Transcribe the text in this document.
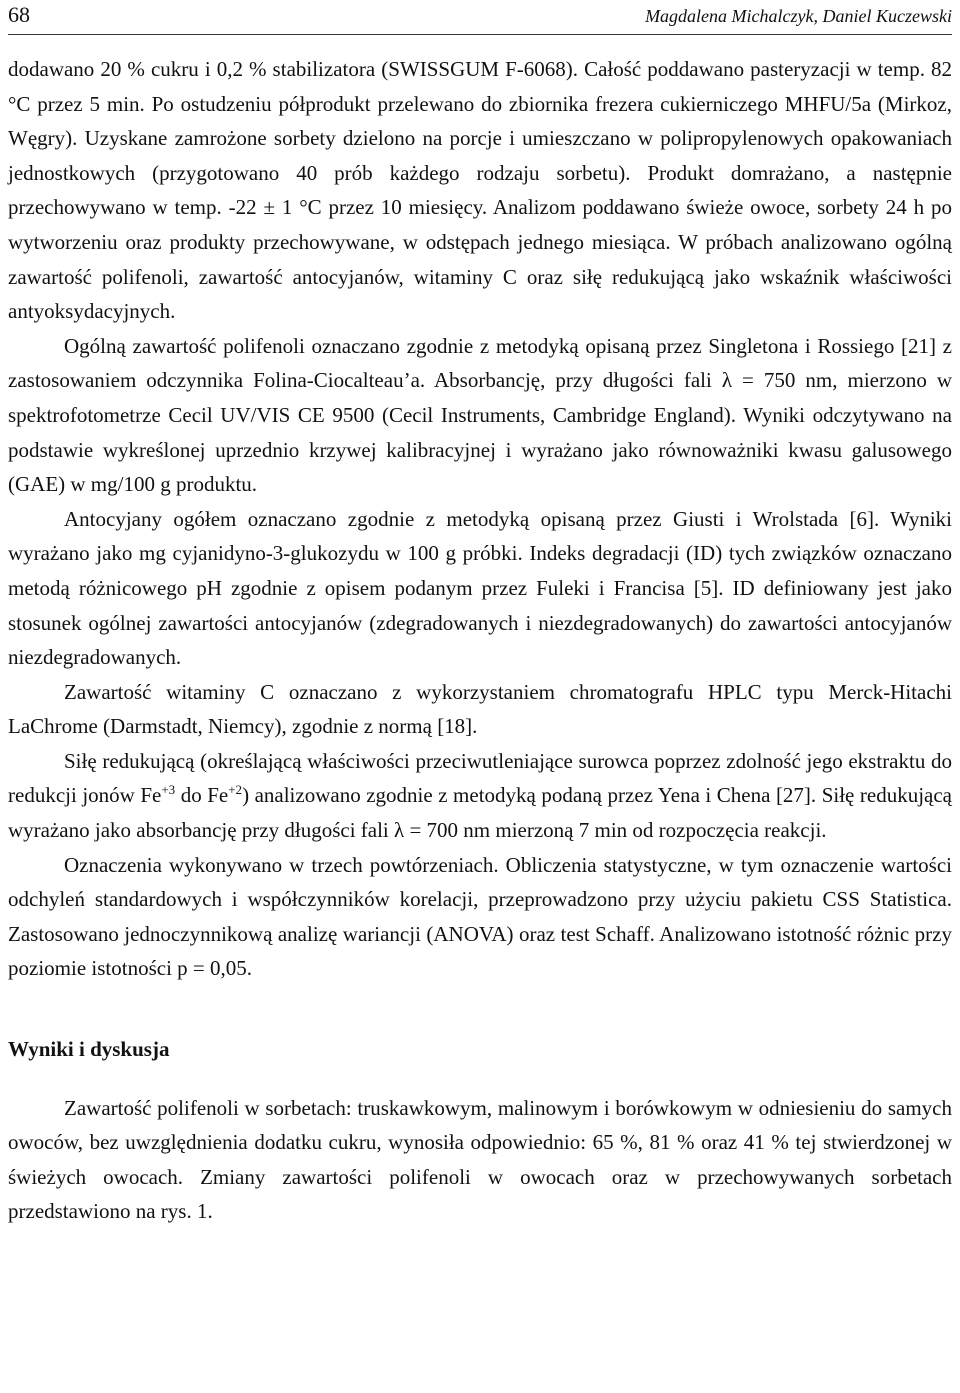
68	Magdalena Michalczyk, Daniel Kuczewski

dodawano 20 % cukru i 0,2 % stabilizatora (SWISSGUM F-6068). Całość poddawano pasteryzacji w temp. 82 °C przez 5 min. Po ostudzeniu półprodukt przelewano do zbiornika frezera cukierniczego MHFU/5a (Mirkoz, Węgry). Uzyskane zamrożone sorbety dzielono na porcje i umieszczano w polipropylenowych opakowaniach jednostkowych (przygotowano 40 prób każdego rodzaju sorbetu). Produkt domrażano, a następnie przechowywano w temp. -22 ± 1 °C przez 10 miesięcy. Analizom poddawano świeże owoce, sorbety 24 h po wytworzeniu oraz produkty przechowywane, w odstępach jednego miesiąca. W próbach analizowano ogólną zawartość polifenoli, zawartość antocyjanów, witaminy C oraz siłę redukującą jako wskaźnik właściwości antyoksydacyjnych.

Ogólną zawartość polifenoli oznaczano zgodnie z metodyką opisaną przez Singletona i Rossiego [21] z zastosowaniem odczynnika Folina-Ciocalteau’a. Absorbancję, przy długości fali λ = 750 nm, mierzono w spektrofotometrze Cecil UV/VIS CE 9500 (Cecil Instruments, Cambridge England). Wyniki odczytywano na podstawie wykreślonej uprzednio krzywej kalibracyjnej i wyrażano jako równoważniki kwasu galusowego (GAE) w mg/100 g produktu.

Antocyjany ogółem oznaczano zgodnie z metodyką opisaną przez Giusti i Wrolstada [6]. Wyniki wyrażano jako mg cyjanidyno-3-glukozydu w 100 g próbki. Indeks degradacji (ID) tych związków oznaczano metodą różnicowego pH zgodnie z opisem podanym przez Fuleki i Francisa [5]. ID definiowany jest jako stosunek ogólnej zawartości antocyjanów (zdegradowanych i niezdegradowanych) do zawartości antocyjanów niezdegradowanych.

Zawartość witaminy C oznaczano z wykorzystaniem chromatografu HPLC typu Merck-Hitachi LaChrome (Darmstadt, Niemcy), zgodnie z normą [18].

Siłę redukującą (określającą właściwości przeciwutleniające surowca poprzez zdolność jego ekstraktu do redukcji jonów $Fe^{+3}$ do $Fe^{+2}$) analizowano zgodnie z metodyką podaną przez Yena i Chena [27]. Siłę redukującą wyrażano jako absorbancję przy długości fali λ = 700 nm mierzoną 7 min od rozpoczęcia reakcji.

Oznaczenia wykonywano w trzech powtórzeniach. Obliczenia statystyczne, w tym oznaczenie wartości odchyleń standardowych i współczynników korelacji, przeprowadzono przy użyciu pakietu CSS Statistica. Zastosowano jednoczynnikową analizę wariancji (ANOVA) oraz test Schaff. Analizowano istotność różnic przy poziomie istotności p = 0,05.

Wyniki i dyskusja

Zawartość polifenoli w sorbetach: truskawkowym, malinowym i borówkowym w odniesieniu do samych owoców, bez uwzględnienia dodatku cukru, wynosiła odpowiednio: 65 %, 81 % oraz 41 % tej stwierdzonej w świeżych owocach. Zmiany zawartości polifenoli w owocach oraz w przechowywanych sorbetach przedstawiono na rys. 1.
